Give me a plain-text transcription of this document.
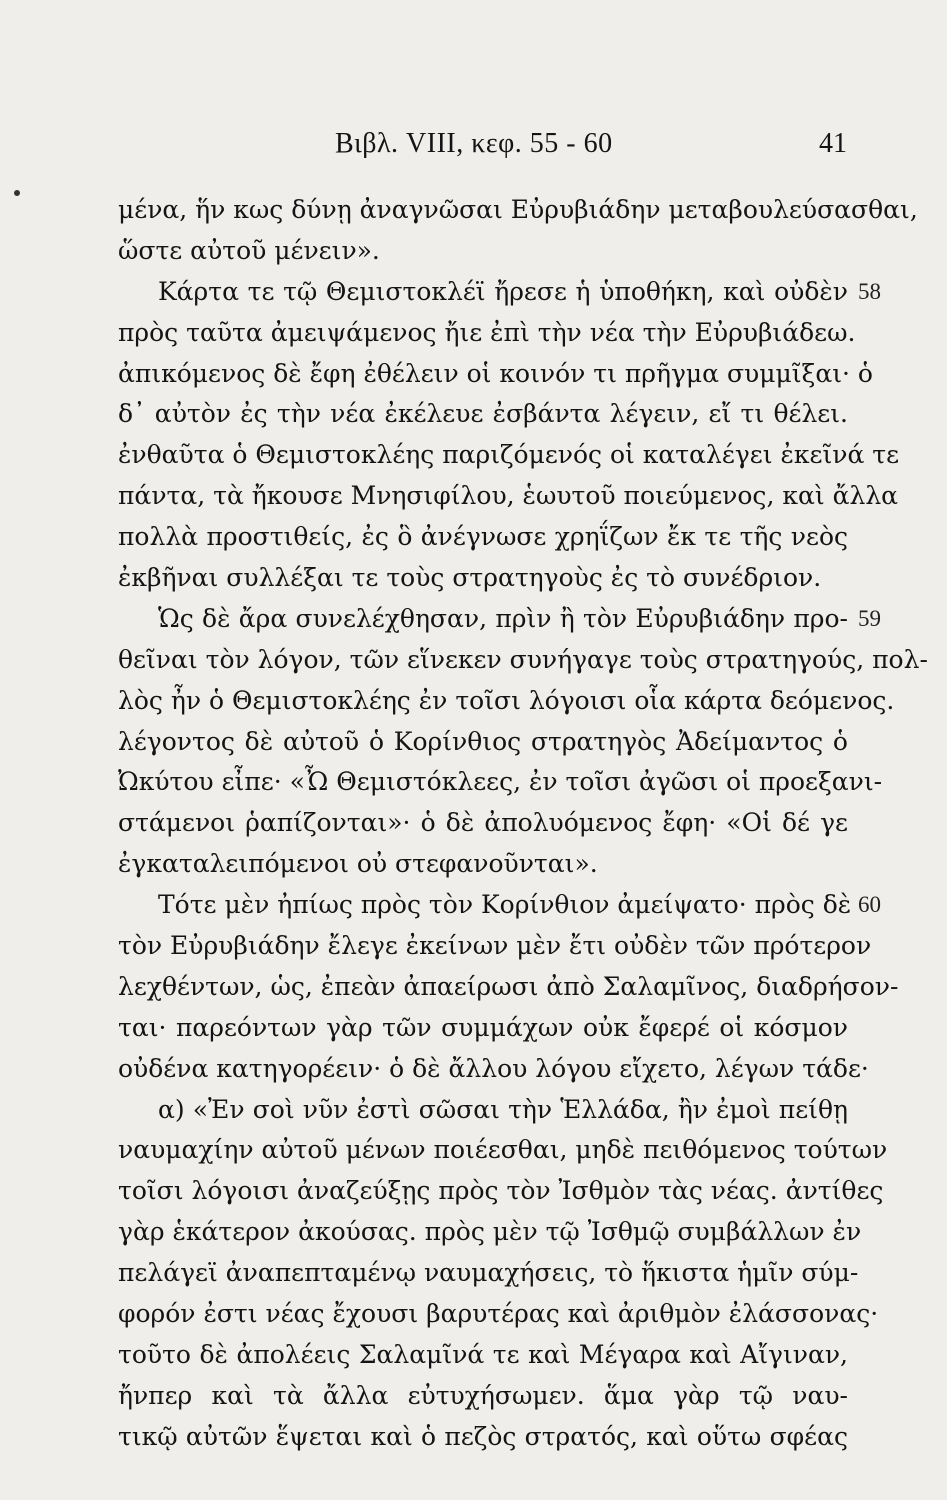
Βιβλ. VIII, κεφ. 55 - 60	41
μένα, ἥν κως δύνῃ ἀναγνῶσαι Εὐρυβιάδην μεταβουλεύσασθαι,
ὥστε αὐτοῦ μένειν».
Κάρτα τε τῷ Θεμιστοκλέϊ ἤρεσε ἡ ὑποθήκη, καὶ οὐδὲν 58
πρὸς ταῦτα ἀμειψάμενος ἤιε ἐπὶ τὴν νέα τὴν Εὐρυβιάδεω.
ἀπικόμενος δὲ ἔφη ἐθέλειν οἱ κοινόν τι πρῆγμα συμμῖξαι· ὁ
δ᾽ αὐτὸν ἐς τὴν νέα ἐκέλευε ἐσβάντα λέγειν, εἴ τι θέλει.
ἐνθαῦτα ὁ Θεμιστοκλέης παριζόμενός οἱ καταλέγει ἐκεῖνά τε
πάντα, τὰ ἤκουσε Μνησιφίλου, ἑωυτοῦ ποιεύμενος, καὶ ἄλλα
πολλὰ προστιθείς, ἐς ὃ ἀνέγνωσε χρηΐζων ἔκ τε τῆς νεὸς
ἐκβῆναι συλλέξαι τε τοὺς στρατηγοὺς ἐς τὸ συνέδριον.
Ὡς δὲ ἄρα συνελέχθησαν, πρὶν ἢ τὸν Εὐρυβιάδην προ- 59
θεῖναι τὸν λόγον, τῶν εἵνεκεν συνήγαγε τοὺς στρατηγούς, πολ-
λὸς ἦν ὁ Θεμιστοκλέης ἐν τοῖσι λόγοισι οἷα κάρτα δεόμενος.
λέγοντος δὲ αὐτοῦ ὁ Κορίνθιος στρατηγὸς Ἀδείμαντος ὁ
Ὠκύτου εἶπε· «Ὦ Θεμιστόκλεες, ἐν τοῖσι ἀγῶσι οἱ προεξανι-
στάμενοι ῥαπίζονται»· ὁ δὲ ἀπολυόμενος ἔφη· «Οἱ δέ γε
ἐγκαταλειπόμενοι οὐ στεφανοῦνται».
Τότε μὲν ἠπίως πρὸς τὸν Κορίνθιον ἀμείψατο· πρὸς δὲ 60
τὸν Εὐρυβιάδην ἔλεγε ἐκείνων μὲν ἔτι οὐδὲν τῶν πρότερον
λεχθέντων, ὡς, ἐπεὰν ἀπαείρωσι ἀπὸ Σαλαμῖνος, διαδρήσον-
ται· παρεόντων γὰρ τῶν συμμάχων οὐκ ἔφερέ οἱ κόσμον
οὐδένα κατηγορέειν· ὁ δὲ ἄλλου λόγου εἴχετο, λέγων τάδε·
α) «Ἐν σοὶ νῦν ἐστὶ σῶσαι τὴν Ἑλλάδα, ἢν ἐμοὶ πείθῃ
ναυμαχίην αὐτοῦ μένων ποιέεσθαι, μηδὲ πειθόμενος τούτων
τοῖσι λόγοισι ἀναζεύξῃς πρὸς τὸν Ἰσθμὸν τὰς νέας. ἀντίθες
γὰρ ἑκάτερον ἀκούσας. πρὸς μὲν τῷ Ἰσθμῷ συμβάλλων ἐν
πελάγεϊ ἀναπεπταμένῳ ναυμαχήσεις, τὸ ἥκιστα ἡμῖν σύμ-
φορόν ἐστι νέας ἔχουσι βαρυτέρας καὶ ἀριθμὸν ἐλάσσονας·
τοῦτο δὲ ἀπολέεις Σαλαμῖνά τε καὶ Μέγαρα καὶ Αἴγιναν,
ἤνπερ καὶ τὰ ἄλλα εὐτυχήσωμεν. ἅμα γὰρ τῷ ναυ-
τικῷ αὐτῶν ἕψεται καὶ ὁ πεζὸς στρατός, καὶ οὕτω σφέας
